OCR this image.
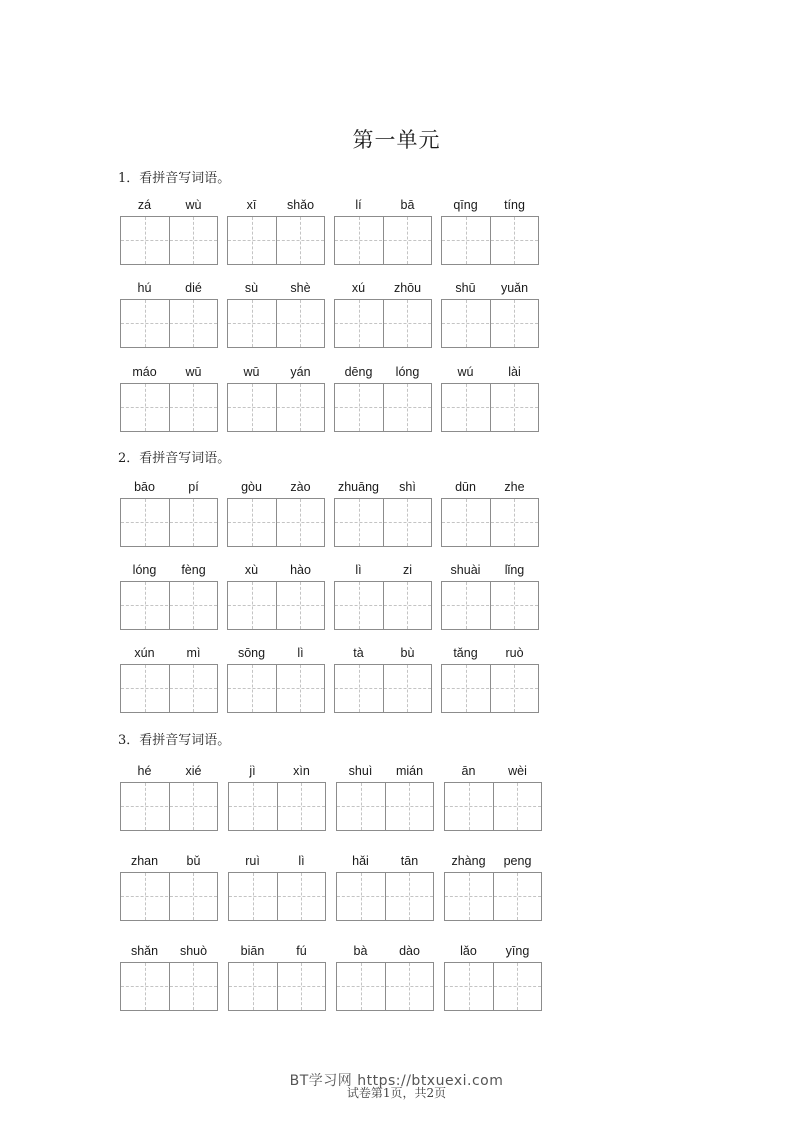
第一单元
1．看拼音写词语。
zá	wù	xī	shǎo	lí	bā	qīng	tíng
hú	dié	sù	shè	xú	zhōu	shū	yuǎn
máo	wū	wū	yán	dēng	lóng	wú	lài
2．看拼音写词语。
bāo	pí	gòu	zào	zhuāng	shì	dūn	zhe
lóng	fèng	xù	hào	lì	zi	shuài	lǐng
xún	mì	sōng	lì	tà	bù	tǎng	ruò
3．看拼音写词语。
hé	xié	jì	xìn	shuì	mián	ān	wèi
zhan	bǔ	ruì	lì	hǎi	tān	zhàng	peng
shǎn	shuò	biān	fú	bà	dào	lǎo	yīng
BT学习网 https://btxuexi.com
试卷第1页，共2页
